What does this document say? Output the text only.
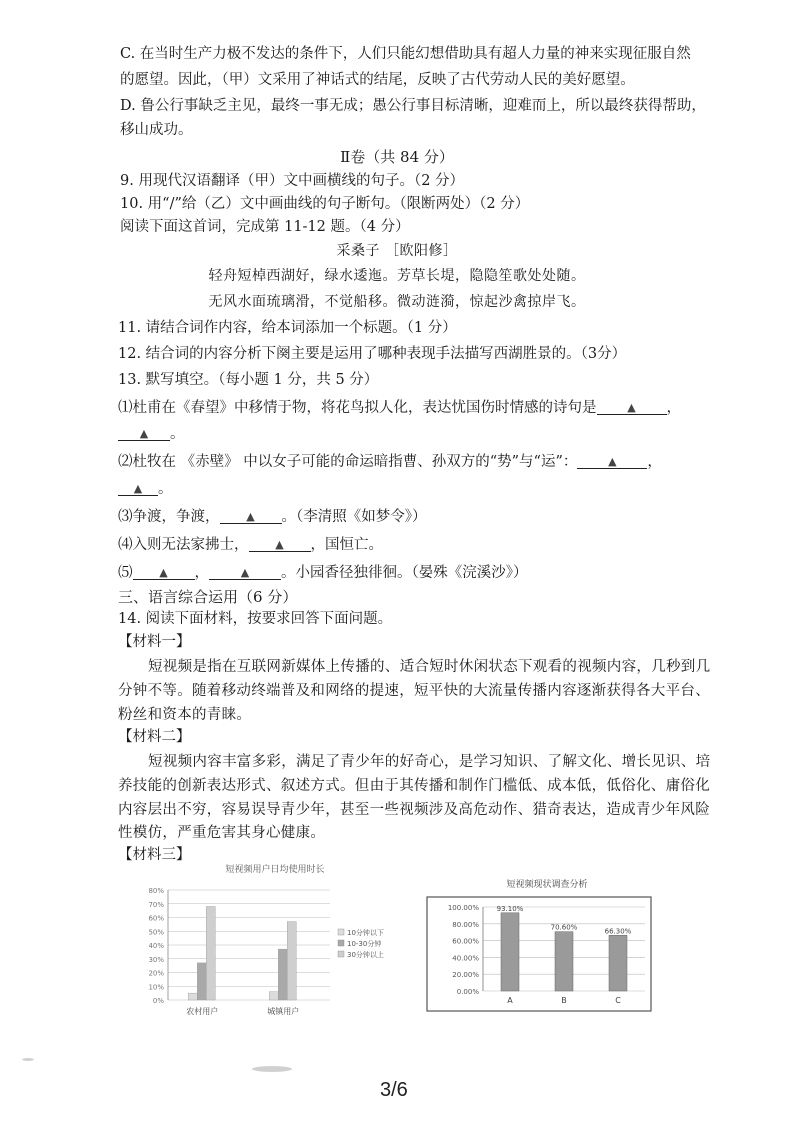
C. 在当时生产力极不发达的条件下，人们只能幻想借助具有超人力量的神来实现征服自然
的愿望。因此，（甲）文采用了神话式的结尾，反映了古代劳动人民的美好愿望。
D. 鲁公行事缺乏主见，最终一事无成；愚公行事目标清晰，迎难而上，所以最终获得帮助，
移山成功。
Ⅱ卷（共 84 分）
9. 用现代汉语翻译（甲）文中画横线的句子。（2 分）
10. 用“/”给（乙）文中画曲线的句子断句。（限断两处）（2 分）
阅读下面这首词，完成第 11-12 题。（4 分）
采桑子 ［欧阳修］
轻舟短棹西湖好，绿水逶迤。芳草长堤，隐隐笙歌处处随。
无风水面琉璃滑，不觉船移。微动涟漪，惊起沙禽掠岸飞。
11. 请结合词作内容，给本词添加一个标题。（1 分）
12. 结合词的内容分析下阕主要是运用了哪种表现手法描写西湖胜景的。（3分）
13. 默写填空。（每小题 1 分，共 5 分）
⑴杜甫在《春望》中移情于物，将花鸟拟人化，表达忧国伤时情感的诗句是	▲ ，
▲ 。
⑵杜牧在 《赤壁》 中以女子可能的命运暗指曹、孙双方的“势”与“运”：	▲ ，
▲ 。
⑶争渡，争渡， ▲ 。（李清照《如梦令》）
⑷入则无法家拂士， ▲ ，国恒亡。
⑸ ▲ ，	▲ 。小园香径独徘徊。（晏殊《浣溪沙》）
三、语言综合运用（6 分）
14. 阅读下面材料，按要求回答下面问题。
【材料一】
短视频是指在互联网新媒体上传播的、适合短时休闲状态下观看的视频内容，几秒到几
分钟不等。随着移动终端普及和网络的提速，短平快的大流量传播内容逐渐获得各大平台、
粉丝和资本的青睐。
【材料二】
短视频内容丰富多彩，满足了青少年的好奇心，是学习知识、了解文化、增长见识、培
养技能的创新表达形式、叙述方式。但由于其传播和制作门槛低、成本低，低俗化、庸俗化
内容层出不穷，容易误导青少年，甚至一些视频涉及高危动作、猎奇表达，造成青少年风险
性模仿，严重危害其身心健康。
【材料三】
短视频用户日均使用时长
0%
10%
20%
30%
40%
50%
60%
70%
80%
农村用户	城镇用户
10分钟以下
10-30分钟
30分钟以上
短视频现状调查分析
0.00%
20.00%
40.00%
60.00%
80.00%
100.00%	93.10%
A
70.60%
B
66.30%
C
3/6
